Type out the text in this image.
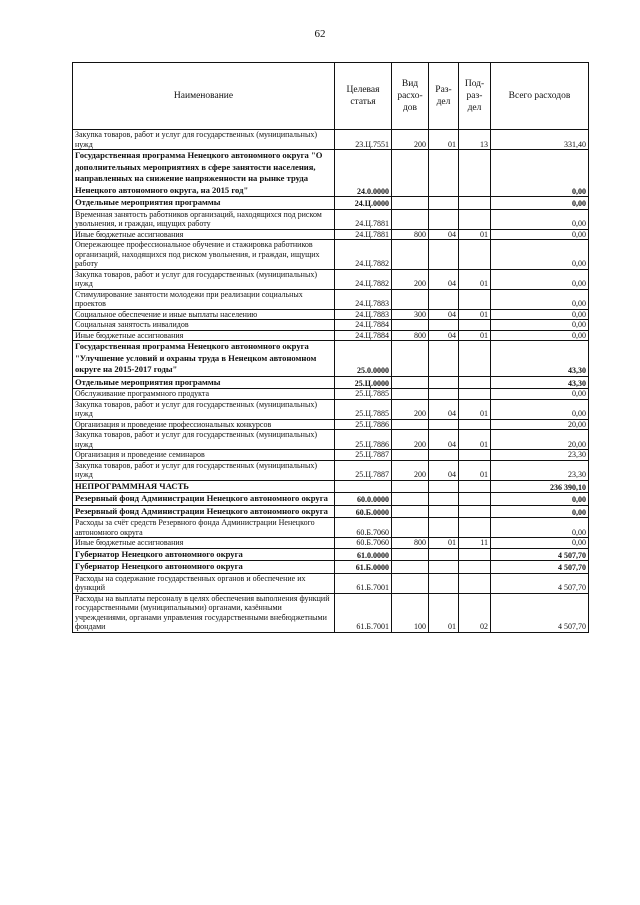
62
Наименование	Целевая статья	Вид расхо-дов	Раз-дел	Под-раз-дел	Всего расходов
Закупка товаров, работ и услуг для государственных (муниципальных) нужд	23.Ц.7551	200	01	13	331,40
Государственная программа Ненецкого автономного округа "О дополнительных мероприятиях в сфере занятости населения, направленных на снижение напряженности на рынке труда Ненецкого автономного округа, на 2015 год"	24.0.0000				0,00
Отдельные мероприятия программы	24.Ц.0000				0,00
Временная занятость работников организаций, находящихся под риском увольнения, и граждан, ищущих работу	24.Ц.7881				0,00
Иные бюджетные ассигнования	24.Ц.7881	800	04	01	0,00
Опережающее профессиональное обучение и стажировка работников организаций, находящихся под риском увольнения, и граждан, ищущих работу	24.Ц.7882				0,00
Закупка товаров, работ и услуг для государственных (муниципальных) нужд	24.Ц.7882	200	04	01	0,00
Стимулирование занятости молодежи при реализации социальных проектов	24.Ц.7883				0,00
Социальное обеспечение и иные выплаты населению	24.Ц.7883	300	04	01	0,00
Социальная занятость инвалидов	24.Ц.7884				0,00
Иные бюджетные ассигнования	24.Ц.7884	800	04	01	0,00
Государственная программа Ненецкого автономного округа "Улучшение условий и охраны труда в Ненецком автономном округе на 2015-2017 годы"	25.0.0000				43,30
Отдельные мероприятия программы	25.Ц.0000				43,30
Обслуживание программного продукта	25.Ц.7885				0,00
Закупка товаров, работ и услуг для государственных (муниципальных) нужд	25.Ц.7885	200	04	01	0,00
Организация и проведение профессиональных конкурсов	25.Ц.7886				20,00
Закупка товаров, работ и услуг для государственных (муниципальных) нужд	25.Ц.7886	200	04	01	20,00
Организация и проведение семинаров	25.Ц.7887				23,30
Закупка товаров, работ и услуг для государственных (муниципальных) нужд	25.Ц.7887	200	04	01	23,30
НЕПРОГРАММНАЯ ЧАСТЬ					236 390,10
Резервный фонд Администрации Ненецкого автономного округа	60.0.0000				0,00
Резервный фонд Администрации Ненецкого автономного округа	60.Б.0000				0,00
Расходы за счёт средств Резервного фонда Администрации Ненецкого автономного округа	60.Б.7060				0,00
Иные бюджетные ассигнования	60.Б.7060	800	01	11	0,00
Губернатор Ненецкого автономного округа	61.0.0000				4 507,70
Губернатор Ненецкого автономного округа	61.Б.0000				4 507,70
Расходы на содержание государственных органов и обеспечение их функций	61.Б.7001				4 507,70
Расходы на выплаты персоналу в целях обеспечения выполнения функций государственными (муниципальными) органами, казёнными учреждениями, органами управления государственными внебюджетными фондами	61.Б.7001	100	01	02	4 507,70
